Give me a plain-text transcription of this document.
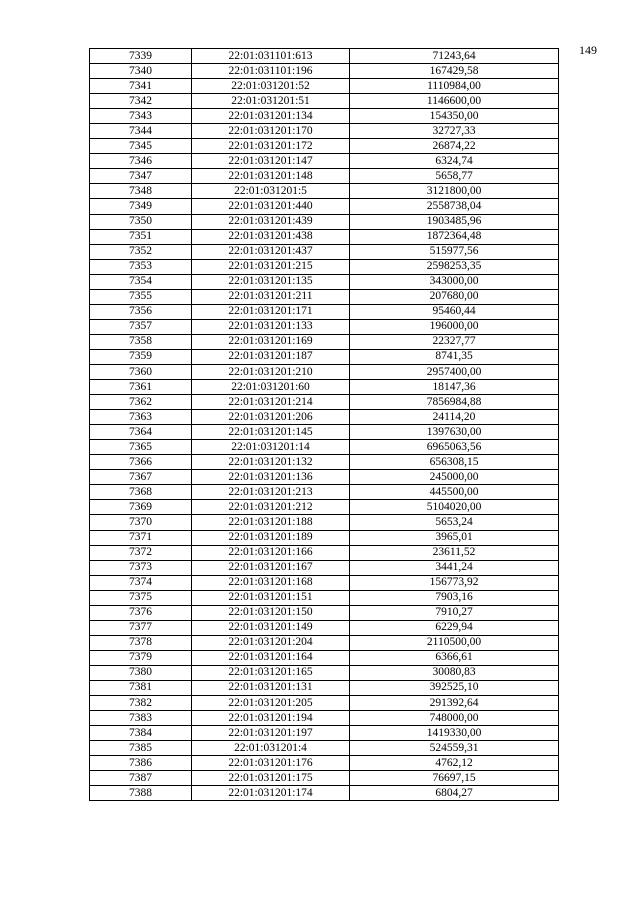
149
7339	22:01:031101:613	71243,64
7340	22:01:031101:196	167429,58
7341	22:01:031201:52	1110984,00
7342	22:01:031201:51	1146600,00
7343	22:01:031201:134	154350,00
7344	22:01:031201:170	32727,33
7345	22:01:031201:172	26874,22
7346	22:01:031201:147	6324,74
7347	22:01:031201:148	5658,77
7348	22:01:031201:5	3121800,00
7349	22:01:031201:440	2558738,04
7350	22:01:031201:439	1903485,96
7351	22:01:031201:438	1872364,48
7352	22:01:031201:437	515977,56
7353	22:01:031201:215	2598253,35
7354	22:01:031201:135	343000,00
7355	22:01:031201:211	207680,00
7356	22:01:031201:171	95460,44
7357	22:01:031201:133	196000,00
7358	22:01:031201:169	22327,77
7359	22:01:031201:187	8741,35
7360	22:01:031201:210	2957400,00
7361	22:01:031201:60	18147,36
7362	22:01:031201:214	7856984,88
7363	22:01:031201:206	24114,20
7364	22:01:031201:145	1397630,00
7365	22:01:031201:14	6965063,56
7366	22:01:031201:132	656308,15
7367	22:01:031201:136	245000,00
7368	22:01:031201:213	445500,00
7369	22:01:031201:212	5104020,00
7370	22:01:031201:188	5653,24
7371	22:01:031201:189	3965,01
7372	22:01:031201:166	23611,52
7373	22:01:031201:167	3441,24
7374	22:01:031201:168	156773,92
7375	22:01:031201:151	7903,16
7376	22:01:031201:150	7910,27
7377	22:01:031201:149	6229,94
7378	22:01:031201:204	2110500,00
7379	22:01:031201:164	6366,61
7380	22:01:031201:165	30080,83
7381	22:01:031201:131	392525,10
7382	22:01:031201:205	291392,64
7383	22:01:031201:194	748000,00
7384	22:01:031201:197	1419330,00
7385	22:01:031201:4	524559,31
7386	22:01:031201:176	4762,12
7387	22:01:031201:175	76697,15
7388	22:01:031201:174	6804,27
